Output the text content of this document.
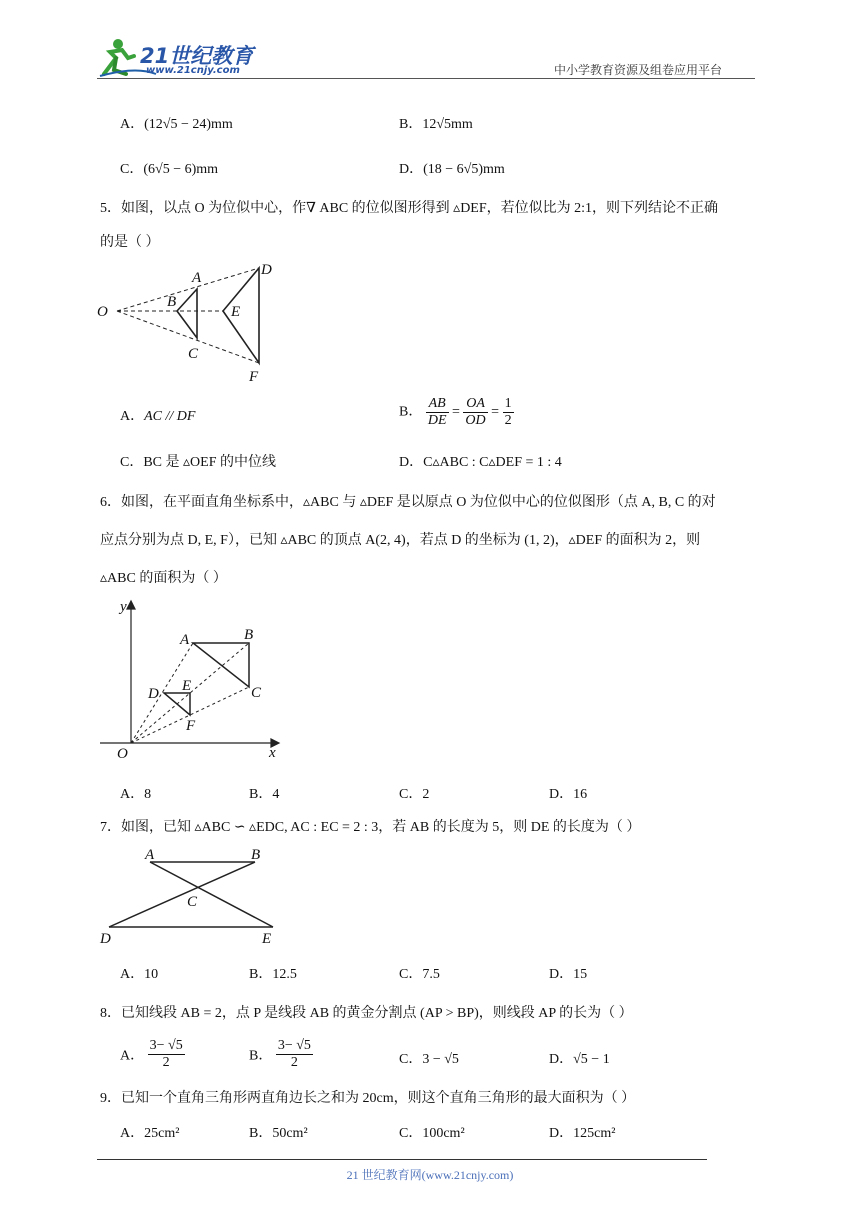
21世纪教育
www.21cnjy.com	中小学教育资源及组卷应用平台
A．(12√5 − 24)mm	B．12√5mm
C．(6√5 − 6)mm	D．(18 − 6√5)mm
5．如图，以点 O 为位似中心，作∇ ABC 的位似图形得到 ▵DEF，若位似比为 2:1，则下列结论不正确
的是（ ）
O
A
B
C
D
E
F
A．AC // DF	B． $\frac{AB}{DE} = \frac{OA}{OD} = \frac{1}{2}$
C．BC 是 ▵OEF 的中位线	D．C▵ABC : C▵DEF = 1 : 4
6．如图，在平面直角坐标系中，▵ABC 与 ▵DEF 是以原点 O 为位似中心的位似图形（点 A, B, C 的对
应点分别为点 D, E, F），已知 ▵ABC 的顶点 A(2, 4)，若点 D 的坐标为 (1, 2)，▵DEF 的面积为 2，则
▵ABC 的面积为（ ）
y
x
O
A	B
C
D E
F
A．8	B．4	C．2	D．16
7．如图，已知 ▵ABC ∽ ▵EDC, AC : EC = 2 : 3，若 AB 的长度为 5，则 DE 的长度为（ ）
A	B
C
D	E
A．10	B．12.5	C．7.5	D．15
8．已知线段 AB = 2，点 P 是线段 AB 的黄金分割点 (AP > BP)，则线段 AP 的长为（ ）
A． $\frac{3- √5}{2}$	B． $\frac{3- √5}{2}$	C．3 − √5	D．√5 − 1
9．已知一个直角三角形两直角边长之和为 20cm，则这个直角三角形的最大面积为（ ）
A．25cm²	B．50cm²	C．100cm²	D．125cm²
21 世纪教育网(www.21cnjy.com)
